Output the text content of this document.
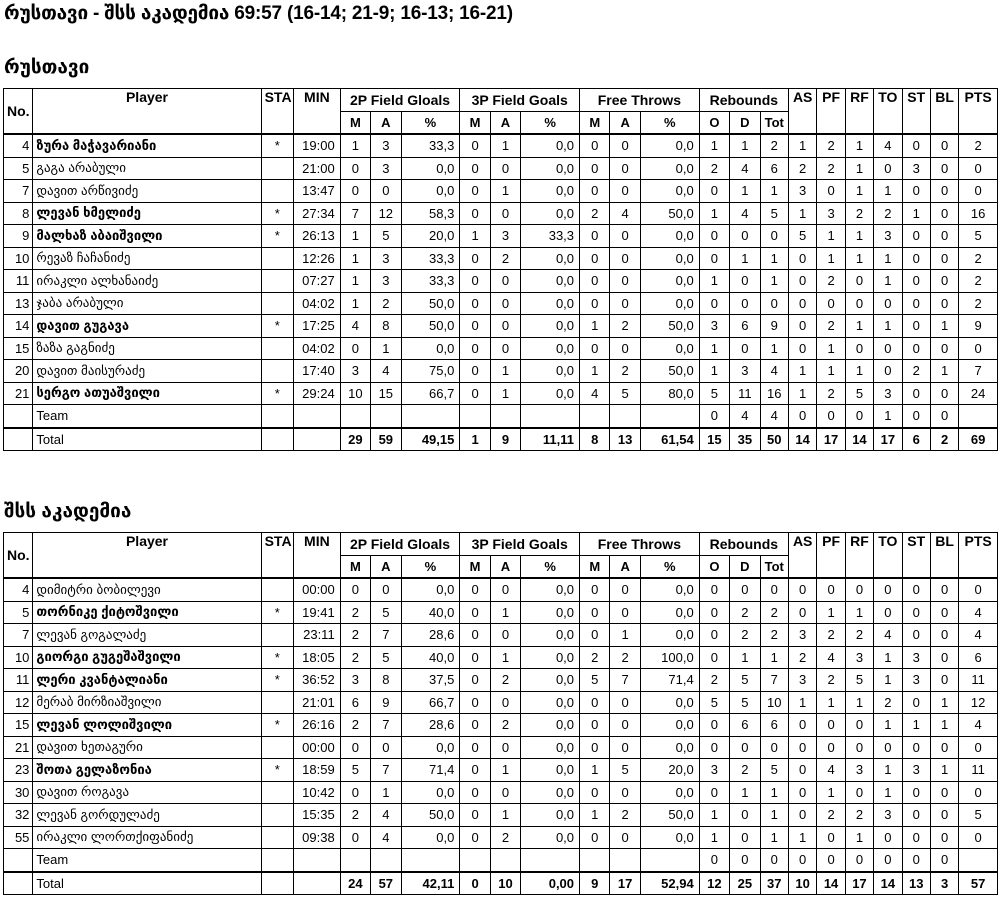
რუსთავი - შსს აკადემია 69:57 (16-14; 21-9; 16-13; 16-21)
რუსთავი
No.	Player	STA	MIN	2P Field Gloals			3P Field Goals			Free Throws			Rebounds			AS	PF	RF	TO	ST	BL	PTS
				M	A	%	M	A	%	M	A	%	O	D	Tot							
4	ზურა მაჭავარიანი	*	19:00	1	3	33,3	0	1	0,0	0	0	0,0	1	1	2	1	2	1	4	0	0	2
5	გაგა არაბული		21:00	0	3	0,0	0	0	0,0	0	0	0,0	2	4	6	2	2	1	0	3	0	0
7	დავით არწივიძე		13:47	0	0	0,0	0	1	0,0	0	0	0,0	0	1	1	3	0	1	1	0	0	0
8	ლევან ხმელიძე	*	27:34	7	12	58,3	0	0	0,0	2	4	50,0	1	4	5	1	3	2	2	1	0	16
9	მალხაზ აბაიშვილი	*	26:13	1	5	20,0	1	3	33,3	0	0	0,0	0	0	0	5	1	1	3	0	0	5
10	რევაზ ჩაჩანიძე		12:26	1	3	33,3	0	2	0,0	0	0	0,0	0	1	1	0	1	1	1	0	0	2
11	ირაკლი ალხანაიძე		07:27	1	3	33,3	0	0	0,0	0	0	0,0	1	0	1	0	2	0	1	0	0	2
13	ჯაბა არაბული		04:02	1	2	50,0	0	0	0,0	0	0	0,0	0	0	0	0	0	0	0	0	0	2
14	დავით გუგავა	*	17:25	4	8	50,0	0	0	0,0	1	2	50,0	3	6	9	0	2	1	1	0	1	9
15	ზაზა გაგნიძე		04:02	0	1	0,0	0	0	0,0	0	0	0,0	1	0	1	0	1	0	0	0	0	0
20	დავით მაისურაძე		17:40	3	4	75,0	0	1	0,0	1	2	50,0	1	3	4	1	1	1	0	2	1	7
21	სერგო ათუაშვილი	*	29:24	10	15	66,7	0	1	0,0	4	5	80,0	5	11	16	1	2	5	3	0	0	24
	Team												0	4	4	0	0	0	1	0	0	
	Total			29	59	49,15	1	9	11,11	8	13	61,54	15	35	50	14	17	14	17	6	2	69
შსს აკადემია
No.	Player	STA	MIN	2P Field Gloals			3P Field Goals			Free Throws			Rebounds			AS	PF	RF	TO	ST	BL	PTS
				M	A	%	M	A	%	M	A	%	O	D	Tot							
4	დიმიტრი ბობილევი		00:00	0	0	0,0	0	0	0,0	0	0	0,0	0	0	0	0	0	0	0	0	0	0
5	თორნიკე ქიტოშვილი	*	19:41	2	5	40,0	0	1	0,0	0	0	0,0	0	2	2	0	1	1	0	0	0	4
7	ლევან გოგალაძე		23:11	2	7	28,6	0	0	0,0	0	1	0,0	0	2	2	3	2	2	4	0	0	4
10	გიორგი გუგეშაშვილი	*	18:05	2	5	40,0	0	1	0,0	2	2	100,0	0	1	1	2	4	3	1	3	0	6
11	ლერი კვანტალიანი	*	36:52	3	8	37,5	0	2	0,0	5	7	71,4	2	5	7	3	2	5	1	3	0	11
12	მერაბ მირზიაშვილი		21:01	6	9	66,7	0	0	0,0	0	0	0,0	5	5	10	1	1	1	2	0	1	12
15	ლევან ლოლიშვილი	*	26:16	2	7	28,6	0	2	0,0	0	0	0,0	0	6	6	0	0	0	1	1	1	4
21	დავით ხეთაგური		00:00	0	0	0,0	0	0	0,0	0	0	0,0	0	0	0	0	0	0	0	0	0	0
23	შოთა გელაზონია	*	18:59	5	7	71,4	0	1	0,0	1	5	20,0	3	2	5	0	4	3	1	3	1	11
30	დავით როგავა		10:42	0	1	0,0	0	0	0,0	0	0	0,0	0	1	1	0	1	0	1	0	0	0
32	ლევან გორდულაძე		15:35	2	4	50,0	0	1	0,0	1	2	50,0	1	0	1	0	2	2	3	0	0	5
55	ირაკლი ლორთქიფანიძე		09:38	0	4	0,0	0	2	0,0	0	0	0,0	1	0	1	1	0	1	0	0	0	0
	Team												0	0	0	0	0	0	0	0	0	
	Total			24	57	42,11	0	10	0,00	9	17	52,94	12	25	37	10	14	17	14	13	3	57
